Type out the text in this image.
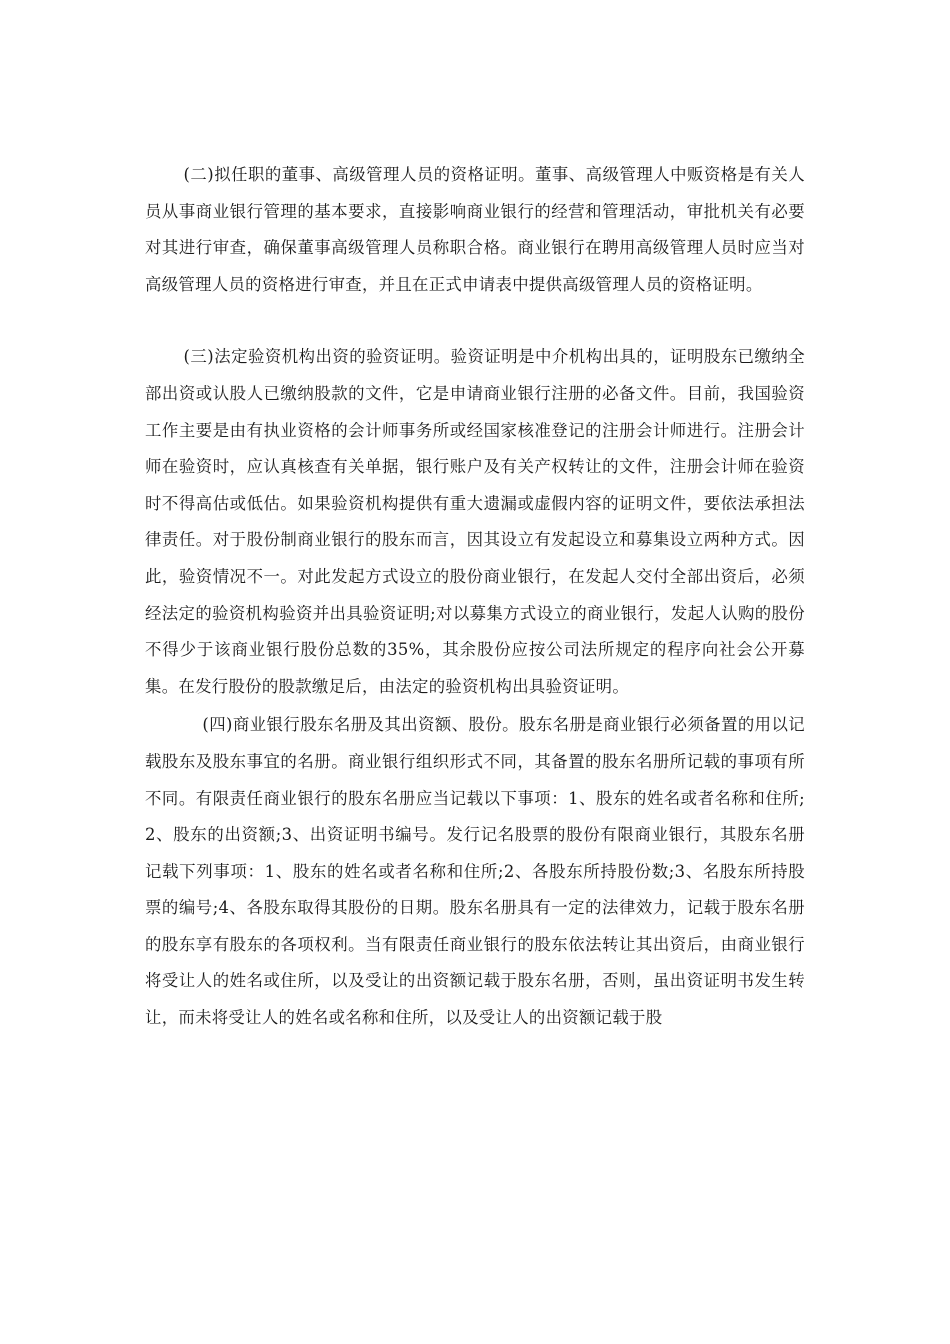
(二)拟任职的董事、高级管理人员的资格证明。董事、高级管理人中贩资格是有关人员从事商业银行管理的基本要求，直接影响商业银行的经营和管理活动，审批机关有必要对其进行审查，确保董事高级管理人员称职合格。商业银行在聘用高级管理人员时应当对高级管理人员的资格进行审查，并且在正式申请表中提供高级管理人员的资格证明。

(三)法定验资机构出资的验资证明。验资证明是中介机构出具的，证明股东已缴纳全部出资或认股人已缴纳股款的文件，它是申请商业银行注册的必备文件。目前，我国验资工作主要是由有执业资格的会计师事务所或经国家核准登记的注册会计师进行。注册会计师在验资时，应认真核查有关单据，银行账户及有关产权转让的文件，注册会计师在验资时不得高估或低估。如果验资机构提供有重大遗漏或虚假内容的证明文件，要依法承担法律责任。对于股份制商业银行的股东而言，因其设立有发起设立和募集设立两种方式。因此，验资情况不一。对此发起方式设立的股份商业银行，在发起人交付全部出资后，必须经法定的验资机构验资并出具验资证明;对以募集方式设立的商业银行，发起人认购的股份不得少于该商业银行股份总数的35%，其余股份应按公司法所规定的程序向社会公开募集。在发行股份的股款缴足后，由法定的验资机构出具验资证明。

(四)商业银行股东名册及其出资额、股份。股东名册是商业银行必须备置的用以记载股东及股东事宜的名册。商业银行组织形式不同，其备置的股东名册所记载的事项有所不同。有限责任商业银行的股东名册应当记载以下事项：1、股东的姓名或者名称和住所;2、股东的出资额;3、出资证明书编号。发行记名股票的股份有限商业银行，其股东名册记载下列事项：1、股东的姓名或者名称和住所;2、各股东所持股份数;3、名股东所持股票的编号;4、各股东取得其股份的日期。股东名册具有一定的法律效力，记载于股东名册的股东享有股东的各项权利。当有限责任商业银行的股东依法转让其出资后，由商业银行将受让人的姓名或住所，以及受让的出资额记载于股东名册，否则，虽出资证明书发生转让，而未将受让人的姓名或名称和住所，以及受让人的出资额记载于股
